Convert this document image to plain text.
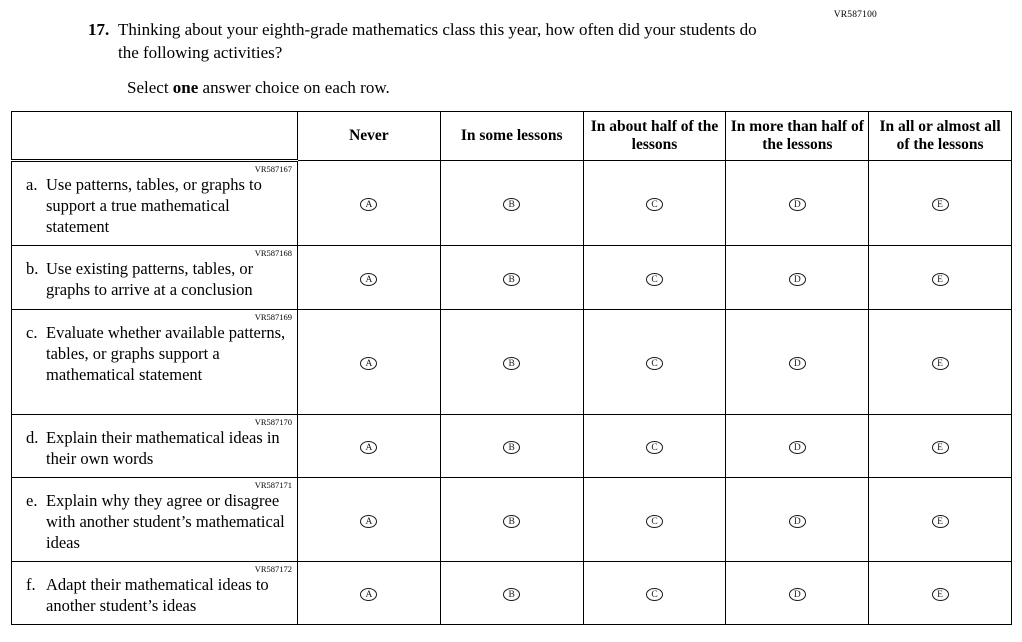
VR587100
17. Thinking about your eighth-grade mathematics class this year, how often did your students do the following activities?
Select one answer choice on each row.
	Never	In some lessons	In about half of the lessons	In more than half of the lessons	In all or almost all of the lessons

VR587167
a. Use patterns, tables, or graphs to support a true mathematical statement	A	B	C	D	E

VR587168
b. Use existing patterns, tables, or graphs to arrive at a conclusion	A	B	C	D	E

VR587169
c. Evaluate whether available patterns, tables, or graphs support a mathematical statement	A	B	C	D	E

VR587170
d. Explain their mathematical ideas in their own words	A	B	C	D	E

VR587171
e. Explain why they agree or disagree with another student’s mathematical ideas	A	B	C	D	E

VR587172
f. Adapt their mathematical ideas to another student’s ideas	A	B	C	D	E
